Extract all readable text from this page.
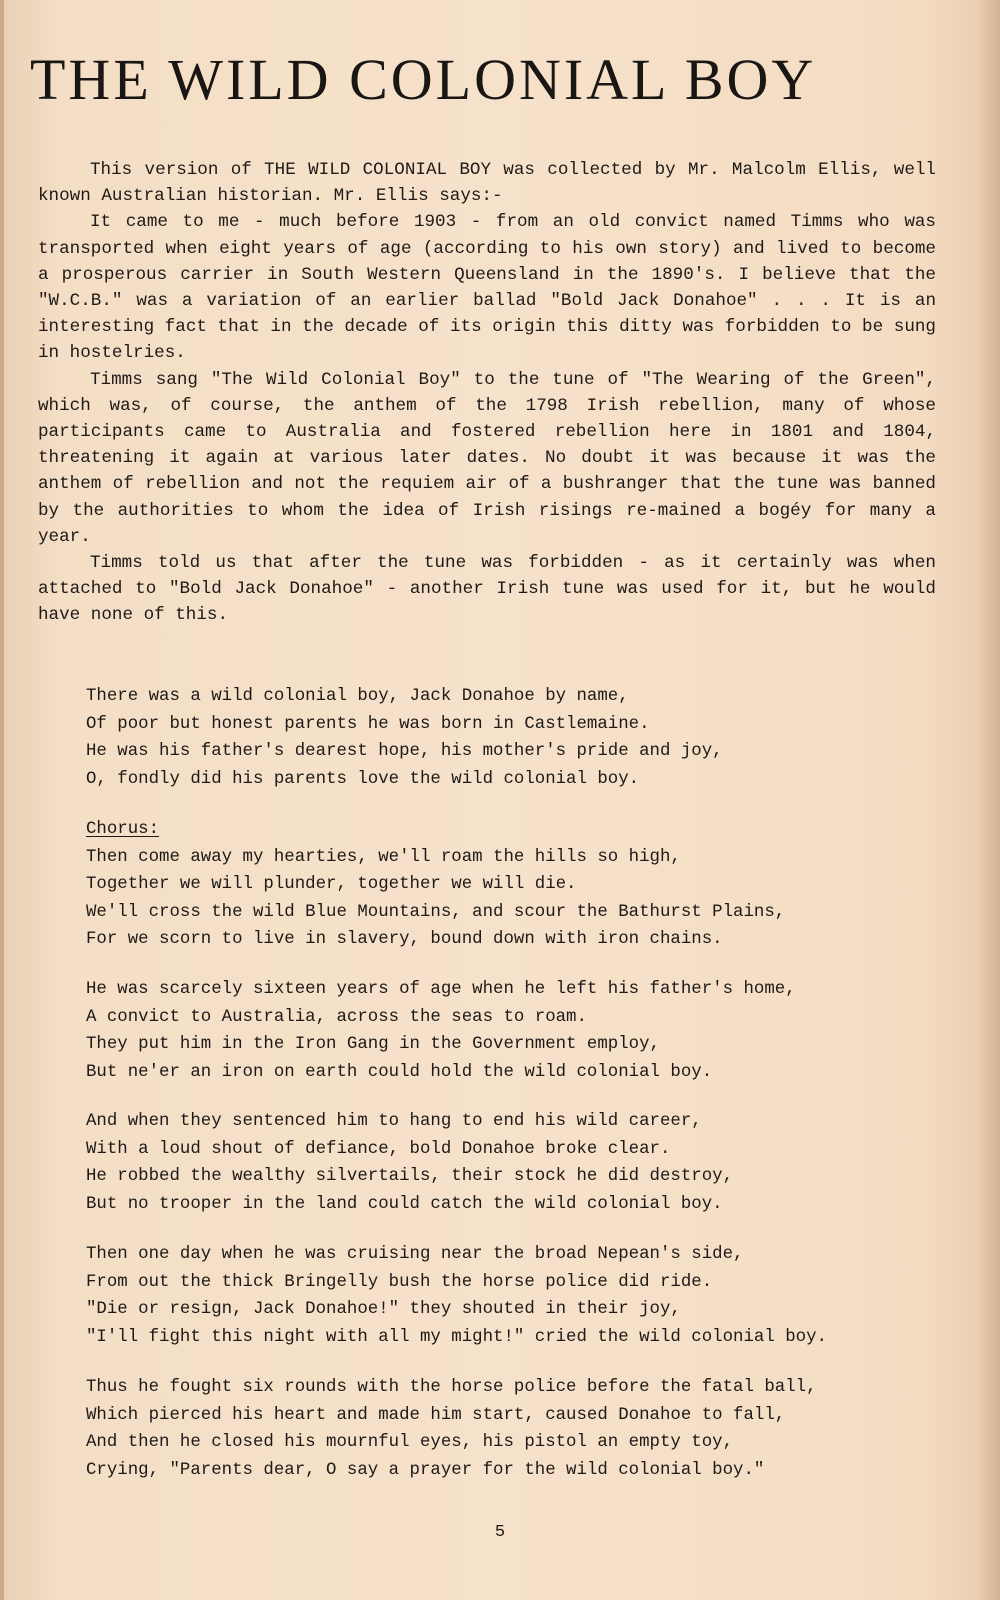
THE WILD COLONIAL BOY

This version of THE WILD COLONIAL BOY was collected by Mr. Malcolm Ellis, well known Australian historian. Mr. Ellis says:-

It came to me - much before 1903 - from an old convict named Timms who was transported when eight years of age (according to his own story) and lived to become a prosperous carrier in South Western Queensland in the 1890's. I believe that the "W.C.B." was a variation of an earlier ballad "Bold Jack Donahoe" . . . It is an interesting fact that in the decade of its origin this ditty was forbidden to be sung in hostelries.

Timms sang "The Wild Colonial Boy" to the tune of "The Wearing of the Green", which was, of course, the anthem of the 1798 Irish rebellion, many of whose participants came to Australia and fostered rebellion here in 1801 and 1804, threatening it again at various later dates. No doubt it was because it was the anthem of rebellion and not the requiem air of a bushranger that the tune was banned by the authorities to whom the idea of Irish risings re-mained a bogéy for many a year.

Timms told us that after the tune was forbidden - as it certainly was when attached to "Bold Jack Donahoe" - another Irish tune was used for it, but he would have none of this.

There was a wild colonial boy, Jack Donahoe by name,
Of poor but honest parents he was born in Castlemaine.
He was his father's dearest hope, his mother's pride and joy,
O, fondly did his parents love the wild colonial boy.
Chorus:
Then come away my hearties, we'll roam the hills so high,
Together we will plunder, together we will die.
We'll cross the wild Blue Mountains, and scour the Bathurst Plains,
For we scorn to live in slavery, bound down with iron chains.
He was scarcely sixteen years of age when he left his father's home,
A convict to Australia, across the seas to roam.
They put him in the Iron Gang in the Government employ,
But ne'er an iron on earth could hold the wild colonial boy.
And when they sentenced him to hang to end his wild career,
With a loud shout of defiance, bold Donahoe broke clear.
He robbed the wealthy silvertails, their stock he did destroy,
But no trooper in the land could catch the wild colonial boy.
Then one day when he was cruising near the broad Nepean's side,
From out the thick Bringelly bush the horse police did ride.
"Die or resign, Jack Donahoe!" they shouted in their joy,
"I'll fight this night with all my might!" cried the wild colonial boy.
Thus he fought six rounds with the horse police before the fatal ball,
Which pierced his heart and made him start, caused Donahoe to fall,
And then he closed his mournful eyes, his pistol an empty toy,
Crying, "Parents dear, O say a prayer for the wild colonial boy."
5
